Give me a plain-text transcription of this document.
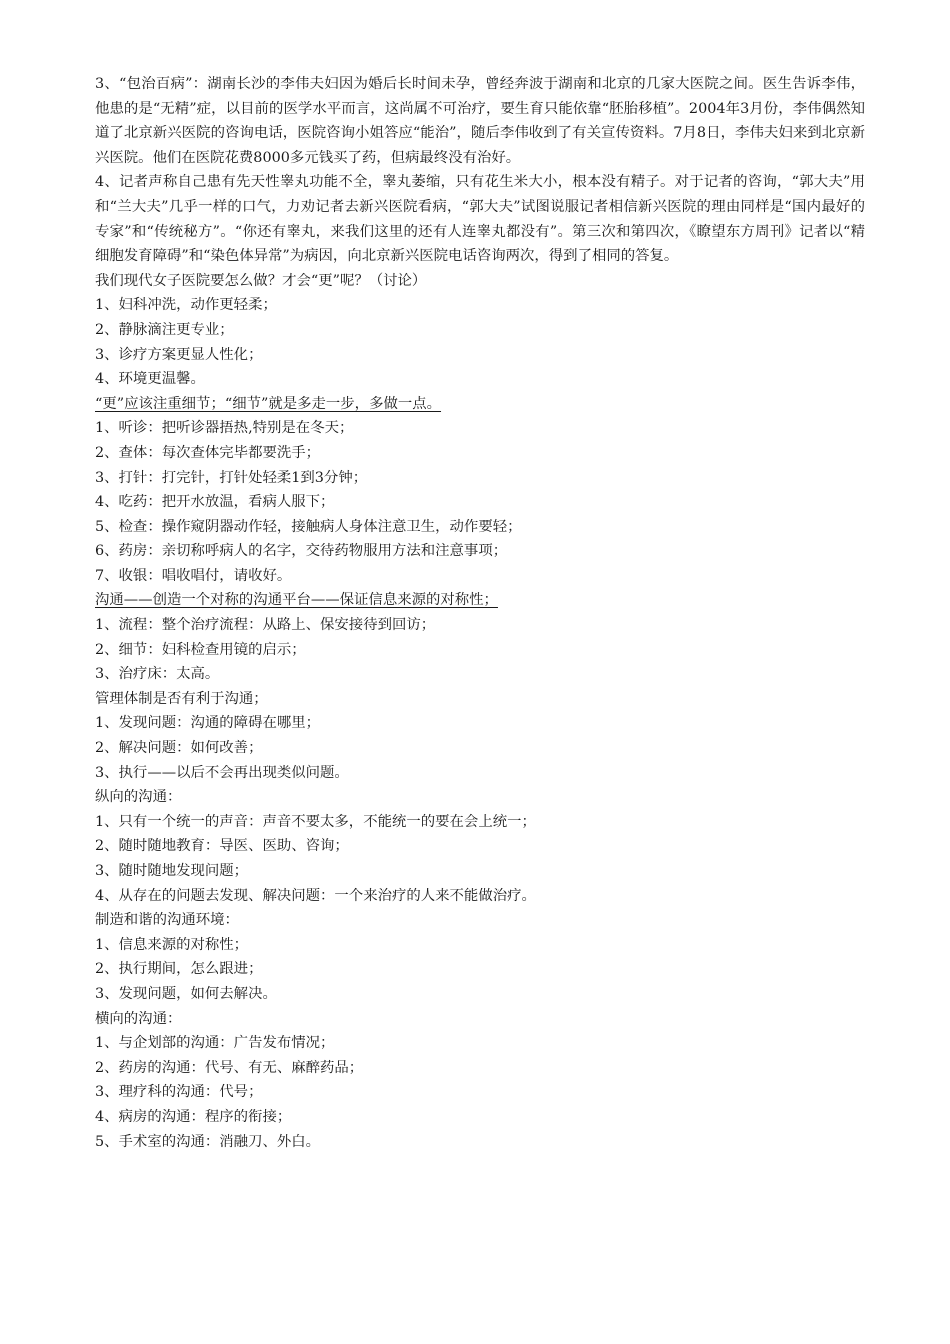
3、“包治百病”：湖南长沙的李伟夫妇因为婚后长时间未孕，曾经奔波于湖南和北京的几家大医院之间。医生告诉李伟，他患的是“无精”症，以目前的医学水平而言，这尚属不可治疗，要生育只能依靠“胚胎移植”。2004年3月份，李伟偶然知道了北京新兴医院的咨询电话，医院咨询小姐答应“能治”，随后李伟收到了有关宣传资料。7月8日，李伟夫妇来到北京新兴医院。他们在医院花费8000多元钱买了药，但病最终没有治好。

4、记者声称自己患有先天性睾丸功能不全，睾丸萎缩，只有花生米大小，根本没有精子。对于记者的咨询，“郭大夫”用和“兰大夫”几乎一样的口气，力劝记者去新兴医院看病，“郭大夫”试图说服记者相信新兴医院的理由同样是“国内最好的专家”和“传统秘方”。“你还有睾丸，来我们这里的还有人连睾丸都没有”。第三次和第四次，《瞭望东方周刊》记者以“精细胞发育障碍”和“染色体异常”为病因，向北京新兴医院电话咨询两次，得到了相同的答复。

我们现代女子医院要怎么做？才会“更”呢？（讨论）

1、妇科冲洗，动作更轻柔；

2、静脉滴注更专业；

3、诊疗方案更显人性化；

4、环境更温馨。

“更”应该注重细节；“细节”就是多走一步，多做一点。

1、听诊：把听诊器捂热,特别是在冬天；

2、查体：每次查体完毕都要洗手；

3、打针：打完针，打针处轻柔1到3分钟；

4、吃药：把开水放温，看病人服下；

5、检查：操作窥阴器动作轻，接触病人身体注意卫生，动作要轻；

6、药房：亲切称呼病人的名字，交待药物服用方法和注意事项；

7、收银：唱收唱付，请收好。

沟通——创造一个对称的沟通平台——保证信息来源的对称性；

1、流程：整个治疗流程：从路上、保安接待到回访；

2、细节：妇科检查用镜的启示；

3、治疗床：太高。

管理体制是否有利于沟通；

1、发现问题：沟通的障碍在哪里；

2、解决问题：如何改善；

3、执行——以后不会再出现类似问题。

纵向的沟通：

1、只有一个统一的声音：声音不要太多，不能统一的要在会上统一；

2、随时随地教育：导医、医助、咨询；

3、随时随地发现问题；

4、从存在的问题去发现、解决问题：一个来治疗的人来不能做治疗。

制造和谐的沟通环境：

1、信息来源的对称性；

2、执行期间，怎么跟进；

3、发现问题，如何去解决。

横向的沟通：

1、与企划部的沟通：广告发布情况；

2、药房的沟通：代号、有无、麻醉药品；

3、理疗科的沟通：代号；

4、病房的沟通：程序的衔接；

5、手术室的沟通：消融刀、外白。
